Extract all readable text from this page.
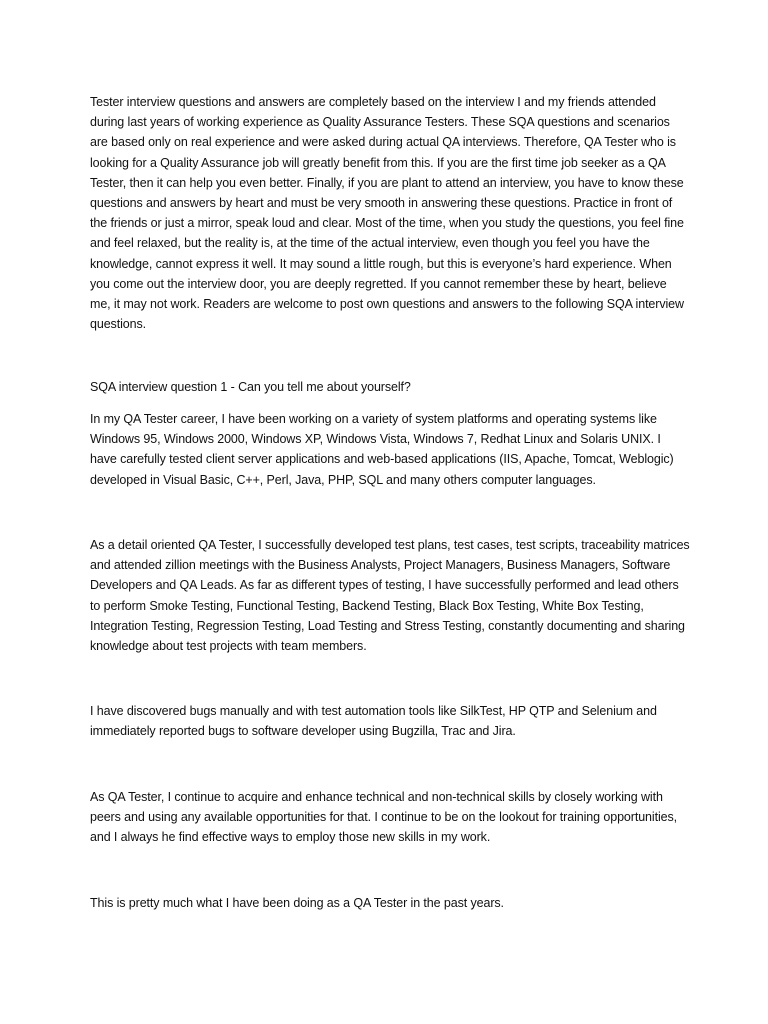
Tester interview questions and answers are completely based on the interview I and my friends attended during last years of working experience as Quality Assurance Testers. These SQA questions and scenarios are based only on real experience and were asked during actual QA interviews. Therefore, QA Tester who is looking for a Quality Assurance job will greatly benefit from this. If you are the first time job seeker as a QA Tester, then it can help you even better. Finally, if you are plant to attend an interview, you have to know these questions and answers by heart and must be very smooth in answering these questions. Practice in front of the friends or just a mirror, speak loud and clear. Most of the time, when you study the questions, you feel fine and feel relaxed, but the reality is, at the time of the actual interview, even though you feel you have the knowledge, cannot express it well. It may sound a little rough, but this is everyone’s hard experience. When you come out the interview door, you are deeply regretted. If you cannot remember these by heart, believe me, it may not work. Readers are welcome to post own questions and answers to the following SQA interview questions.

SQA interview question 1 - Can you tell me about yourself?

In my QA Tester career, I have been working on a variety of system platforms and operating systems like Windows 95, Windows 2000, Windows XP, Windows Vista, Windows 7, Redhat Linux and Solaris UNIX. I have carefully tested client server applications and web-based applications (IIS, Apache, Tomcat, Weblogic) developed in Visual Basic, C++, Perl, Java, PHP, SQL and many others computer languages.

As a detail oriented QA Tester, I successfully developed test plans, test cases, test scripts, traceability matrices and attended zillion meetings with the Business Analysts, Project Managers, Business Managers, Software Developers and QA Leads. As far as different types of testing, I have successfully performed and lead others to perform Smoke Testing, Functional Testing, Backend Testing, Black Box Testing, White Box Testing, Integration Testing, Regression Testing, Load Testing and Stress Testing, constantly documenting and sharing knowledge about test projects with team members.

I have discovered bugs manually and with test automation tools like SilkTest, HP QTP and Selenium and immediately reported bugs to software developer using Bugzilla, Trac and Jira.

As QA Tester, I continue to acquire and enhance technical and non-technical skills by closely working with peers and using any available opportunities for that. I continue to be on the lookout for training opportunities, and I always he find effective ways to employ those new skills in my work.

This is pretty much what I have been doing as a QA Tester in the past years.
